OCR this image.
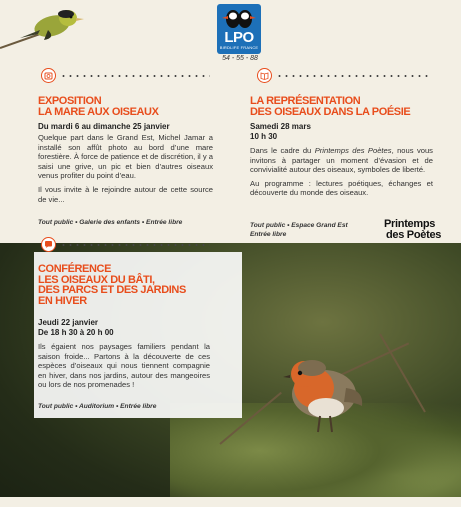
LPO
BIRDLIFE FRANCE
54 - 55 - 88
EXPOSITION
LA MARE AUX OISEAUX
Du mardi 6 au dimanche 25 janvier

Quelque part dans le Grand Est, Michel Jamar a installé son affût photo au bord d’une mare forestière. À force de patience et de discrétion, il y a saisi une grive, un pic et bien d’autres oiseaux venus profiter du point d’eau.

Il vous invite à le rejoindre autour de cette source de vie...

Tout public • Galerie des enfants • Entrée libre
LA REPRÉSENTATION
DES OISEAUX DANS LA POÉSIE
Samedi 28 mars
10 h 30

Dans le cadre du Printemps des Poètes, nous vous invitons à partager un moment d’évasion et de convivialité autour des oiseaux, symboles de liberté.

Au programme : lectures poétiques, échanges et découverte du monde des oiseaux.

Tout public • Espace Grand Est
Entrée libre
Printemps
des Poètes
CONFÉRENCE
LES OISEAUX DU BÂTI,
DES PARCS ET DES JARDINS
EN HIVER
Jeudi 22 janvier
De 18 h 30 à 20 h 00

Ils égaient nos paysages familiers pendant la saison froide... Partons à la découverte de ces espèces d’oiseaux qui nous tiennent compagnie en hiver, dans nos jardins, autour des mangeoires ou lors de nos promenades !

Tout public • Auditorium • Entrée libre
